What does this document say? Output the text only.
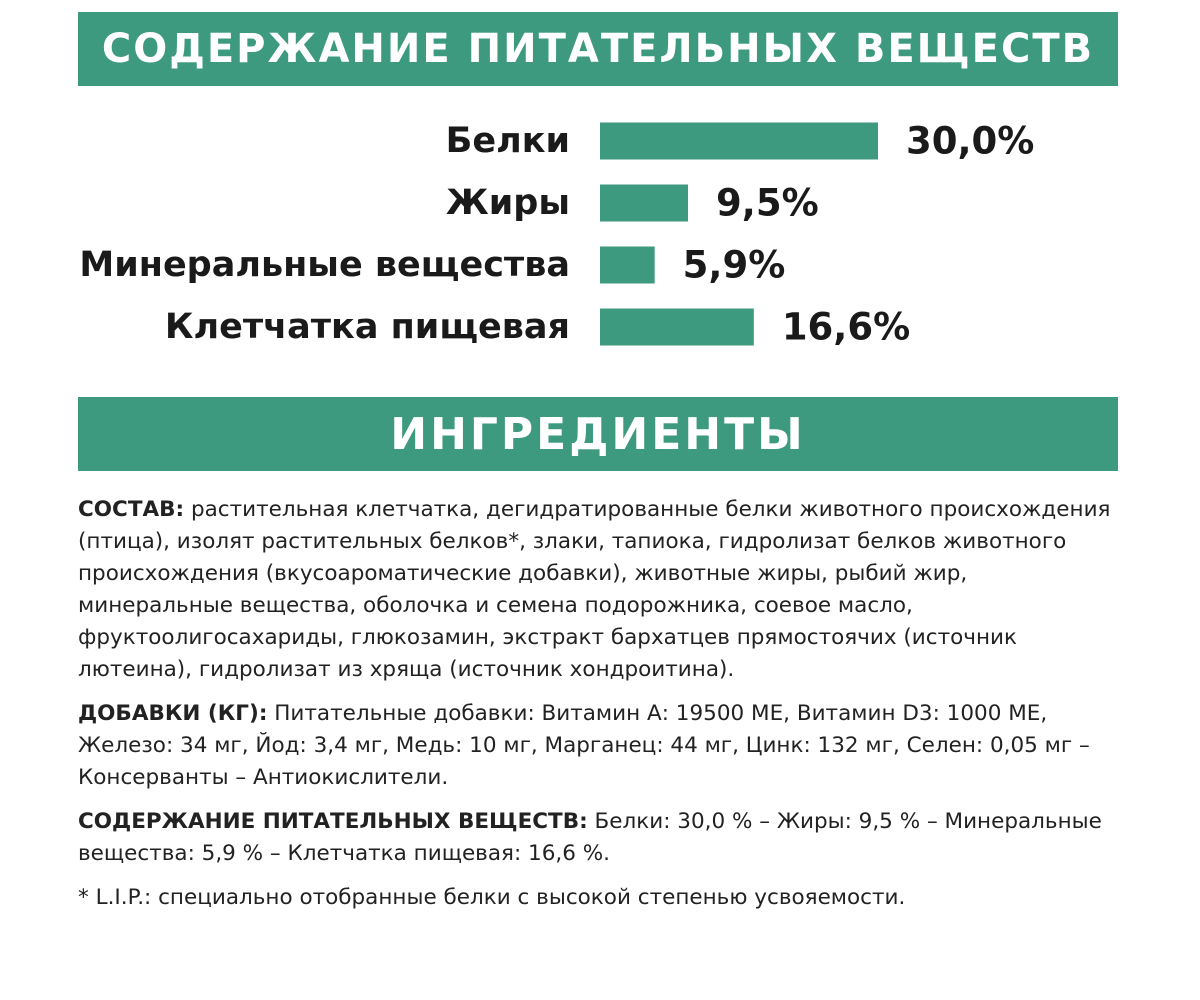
СОДЕРЖАНИЕ ПИТАТЕЛЬНЫХ ВЕЩЕСТВ
Белки	30,0%
Жиры	9,5%
Минеральные вещества	5,9%
Клетчатка пищевая	16,6%
ИНГРЕДИЕНТЫ

СОСТАВ: растительная клетчатка, дегидратированные белки животного происхождения (птица), изолят растительных белков*, злаки, тапиока, гидролизат белков животного происхождения (вкусоароматические добавки), животные жиры, рыбий жир, минеральные вещества, оболочка и семена подорожника, соевое масло, фруктоолигосахариды, глюкозамин, экстракт бархатцев прямостоячих (источник лютеина), гидролизат из хряща (источник хондроитина).

ДОБАВКИ (КГ): Питательные добавки: Витамин А: 19500 МЕ, Витамин D3: 1000 МЕ, Железо: 34 мг, Йод: 3,4 мг, Медь: 10 мг, Марганец: 44 мг, Цинк: 132 мг, Селен: 0,05 мг – Консерванты – Антиокислители.

СОДЕРЖАНИЕ ПИТАТЕЛЬНЫХ ВЕЩЕСТВ: Белки: 30,0 % – Жиры: 9,5 % – Минеральные вещества: 5,9 % – Клетчатка пищевая: 16,6 %.

* L.I.P.: специально отобранные белки с высокой степенью усвояемости.
